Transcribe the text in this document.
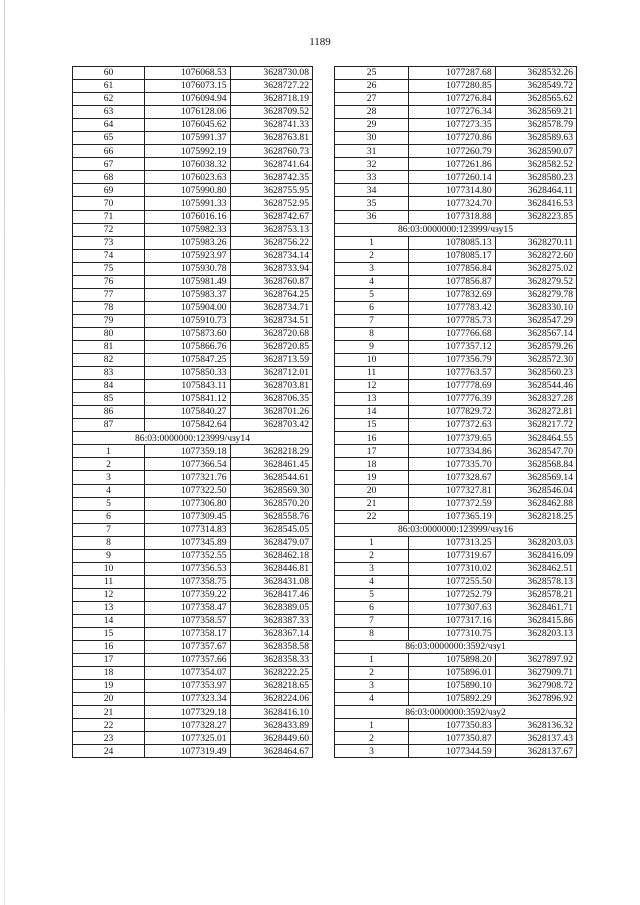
1189
60	1076068.53	3628730.08
61	1076073.15	3628727.22
62	1076094.94	3628718.19
63	1076128.06	3628709.52
64	1076045.62	3628741.33
65	1075991.37	3628763.81
66	1075992.19	3628760.73
67	1076038.32	3628741.64
68	1076023.63	3628742.35
69	1075990.80	3628755.95
70	1075991.33	3628752.95
71	1076016.16	3628742.67
72	1075982.33	3628753.13
73	1075983.26	3628756.22
74	1075923.97	3628734.14
75	1075930.78	3628733.94
76	1075981.49	3628760.87
77	1075983.37	3628764.25
78	1075904.00	3628734.71
79	1075910.73	3628734.51
80	1075873.60	3628720.68
81	1075866.76	3628720.85
82	1075847.25	3628713.59
83	1075850.33	3628712.01
84	1075843.11	3628703.81
85	1075841.12	3628706.35
86	1075840.27	3628701.26
87	1075842.64	3628703.42
86:03:0000000:123999/чзу14		
1	1077359.18	3628218.29
2	1077366.54	3628461.45
3	1077321.76	3628544.61
4	1077322.50	3628569.30
5	1077306.80	3628570.20
6	1077309.45	3628558.76
7	1077314.83	3628545.05
8	1077345.89	3628479.07
9	1077352.55	3628462.18
10	1077356.53	3628446.81
11	1077358.75	3628431.08
12	1077359.22	3628417.46
13	1077358.47	3628389.05
14	1077358.57	3628387.33
15	1077358.17	3628367.14
16	1077357.67	3628358.58
17	1077357.66	3628358.33
18	1077354.07	3628222.25
19	1077353.97	3628218.65
20	1077323.34	3628224.06
21	1077329.18	3628416.10
22	1077328.27	3628433.89
23	1077325.01	3628449.60
24	1077319.49	3628464.67
25	1077287.68	3628532.26
26	1077280.85	3628549.72
27	1077276.84	3628565.62
28	1077276.34	3628569.21
29	1077273.35	3628578.79
30	1077270.86	3628589.63
31	1077260.79	3628590.07
32	1077261.86	3628582.52
33	1077260.14	3628580.23
34	1077314.80	3628464.11
35	1077324.70	3628416.53
36	1077318.88	3628223.85
86:03:0000000:123999/чзу15		
1	1078085.13	3628270.11
2	1078085.17	3628272.60
3	1077856.84	3628275.02
4	1077856.87	3628279.52
5	1077832.69	3628279.78
6	1077783.42	3628330.10
7	1077785.73	3628547.29
8	1077766.68	3628567.14
9	1077357.12	3628579.26
10	1077356.79	3628572.30
11	1077763.57	3628560.23
12	1077778.69	3628544.46
13	1077776.39	3628327.28
14	1077829.72	3628272.81
15	1077372.63	3628217.72
16	1077379.65	3628464.55
17	1077334.86	3628547.70
18	1077335.70	3628568.84
19	1077328.67	3628569.14
20	1077327.81	3628546.04
21	1077372.59	3628462.88
22	1077365.19	3628218.25
86:03:0000000:123999/чзу16		
1	1077313.25	3628203.03
2	1077319.67	3628416.09
3	1077310.02	3628462.51
4	1077255.50	3628578.13
5	1077252.79	3628578.21
6	1077307.63	3628461.71
7	1077317.16	3628415.86
8	1077310.75	3628203.13
86:03:0000000:3592/чзу1		
1	1075898.20	3627897.92
2	1075896.01	3627909.71
3	1075890.10	3627908.72
4	1075892.29	3627896.92
86:03:0000000:3592/чзу2		
1	1077350.83	3628136.32
2	1077350.87	3628137.43
3	1077344.59	3628137.67
